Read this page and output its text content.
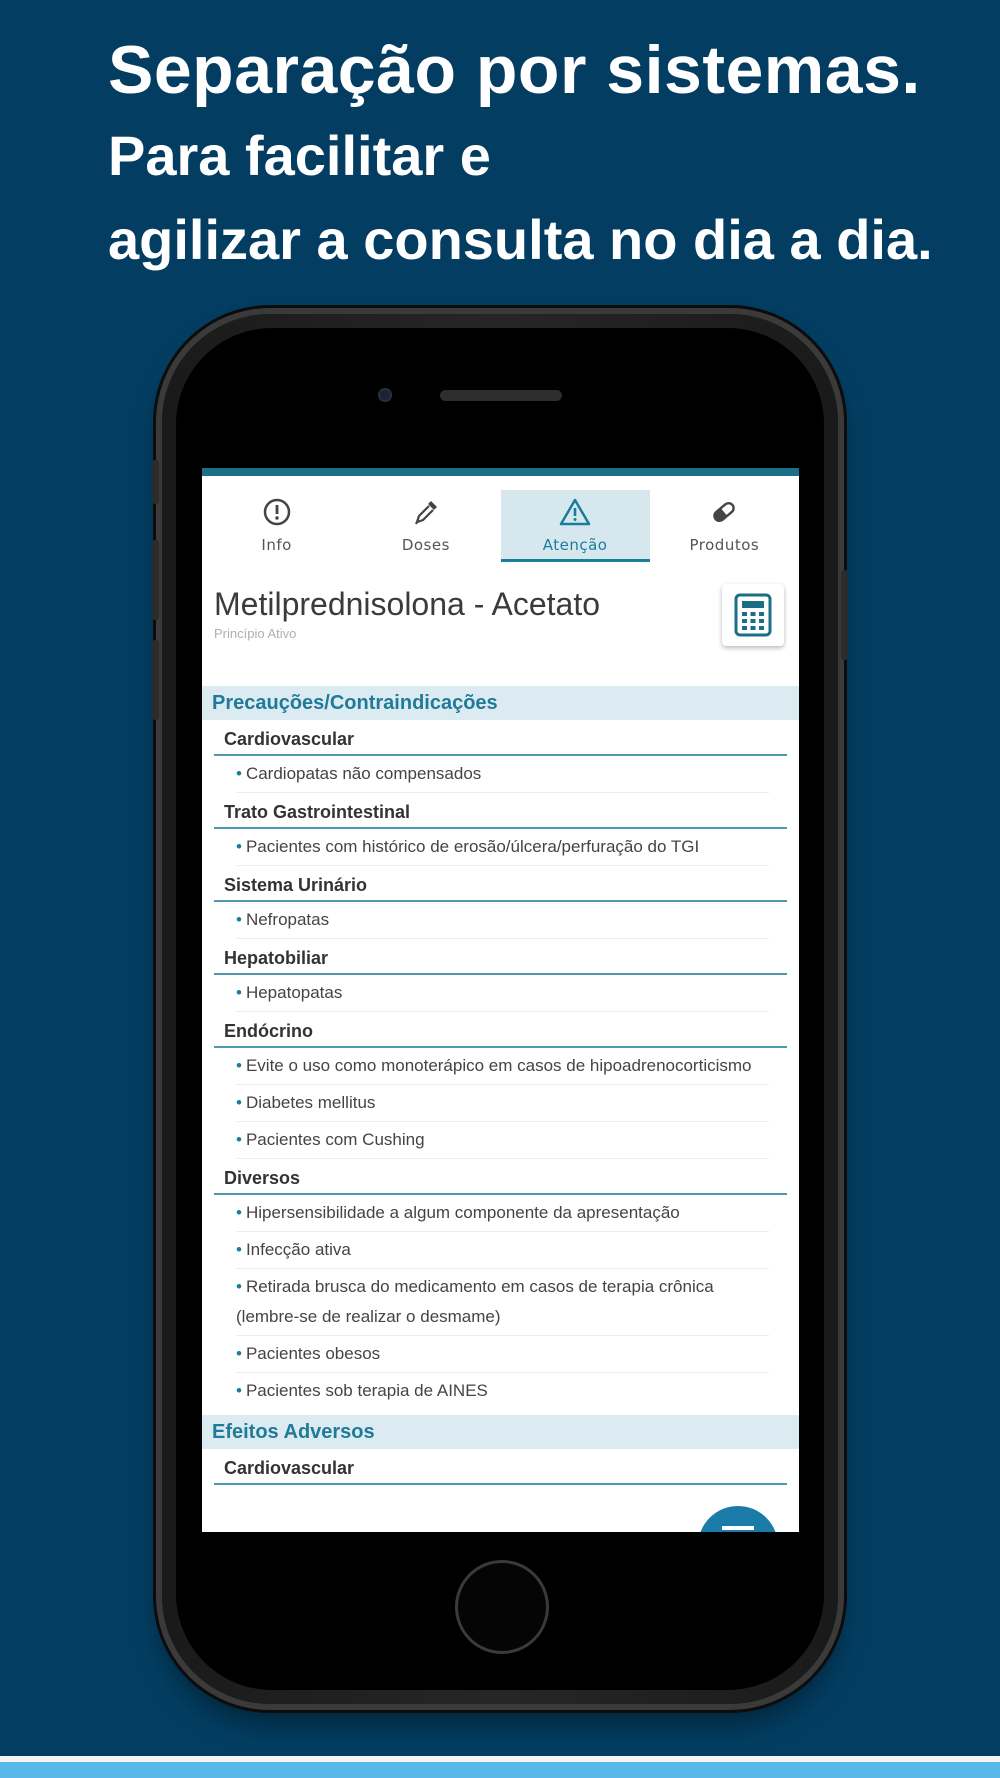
Separação por sistemas.
Para facilitar e
agilizar a consulta no dia a dia.
Info	Doses	Atenção	Produtos
Metilprednisolona - Acetato
Princípio Ativo
Precauções/Contraindicações
Cardiovascular
• Cardiopatas não compensados
Trato Gastrointestinal
• Pacientes com histórico de erosão/úlcera/perfuração do TGI
Sistema Urinário
• Nefropatas
Hepatobiliar
• Hepatopatas
Endócrino
• Evite o uso como monoterápico em casos de hipoadrenocorticismo
• Diabetes mellitus
• Pacientes com Cushing
Diversos
• Hipersensibilidade a algum componente da apresentação
• Infecção ativa
• Retirada brusca do medicamento em casos de terapia crônica (lembre-se de realizar o desmame)
• Pacientes obesos
• Pacientes sob terapia de AINES
Efeitos Adversos
Cardiovascular
